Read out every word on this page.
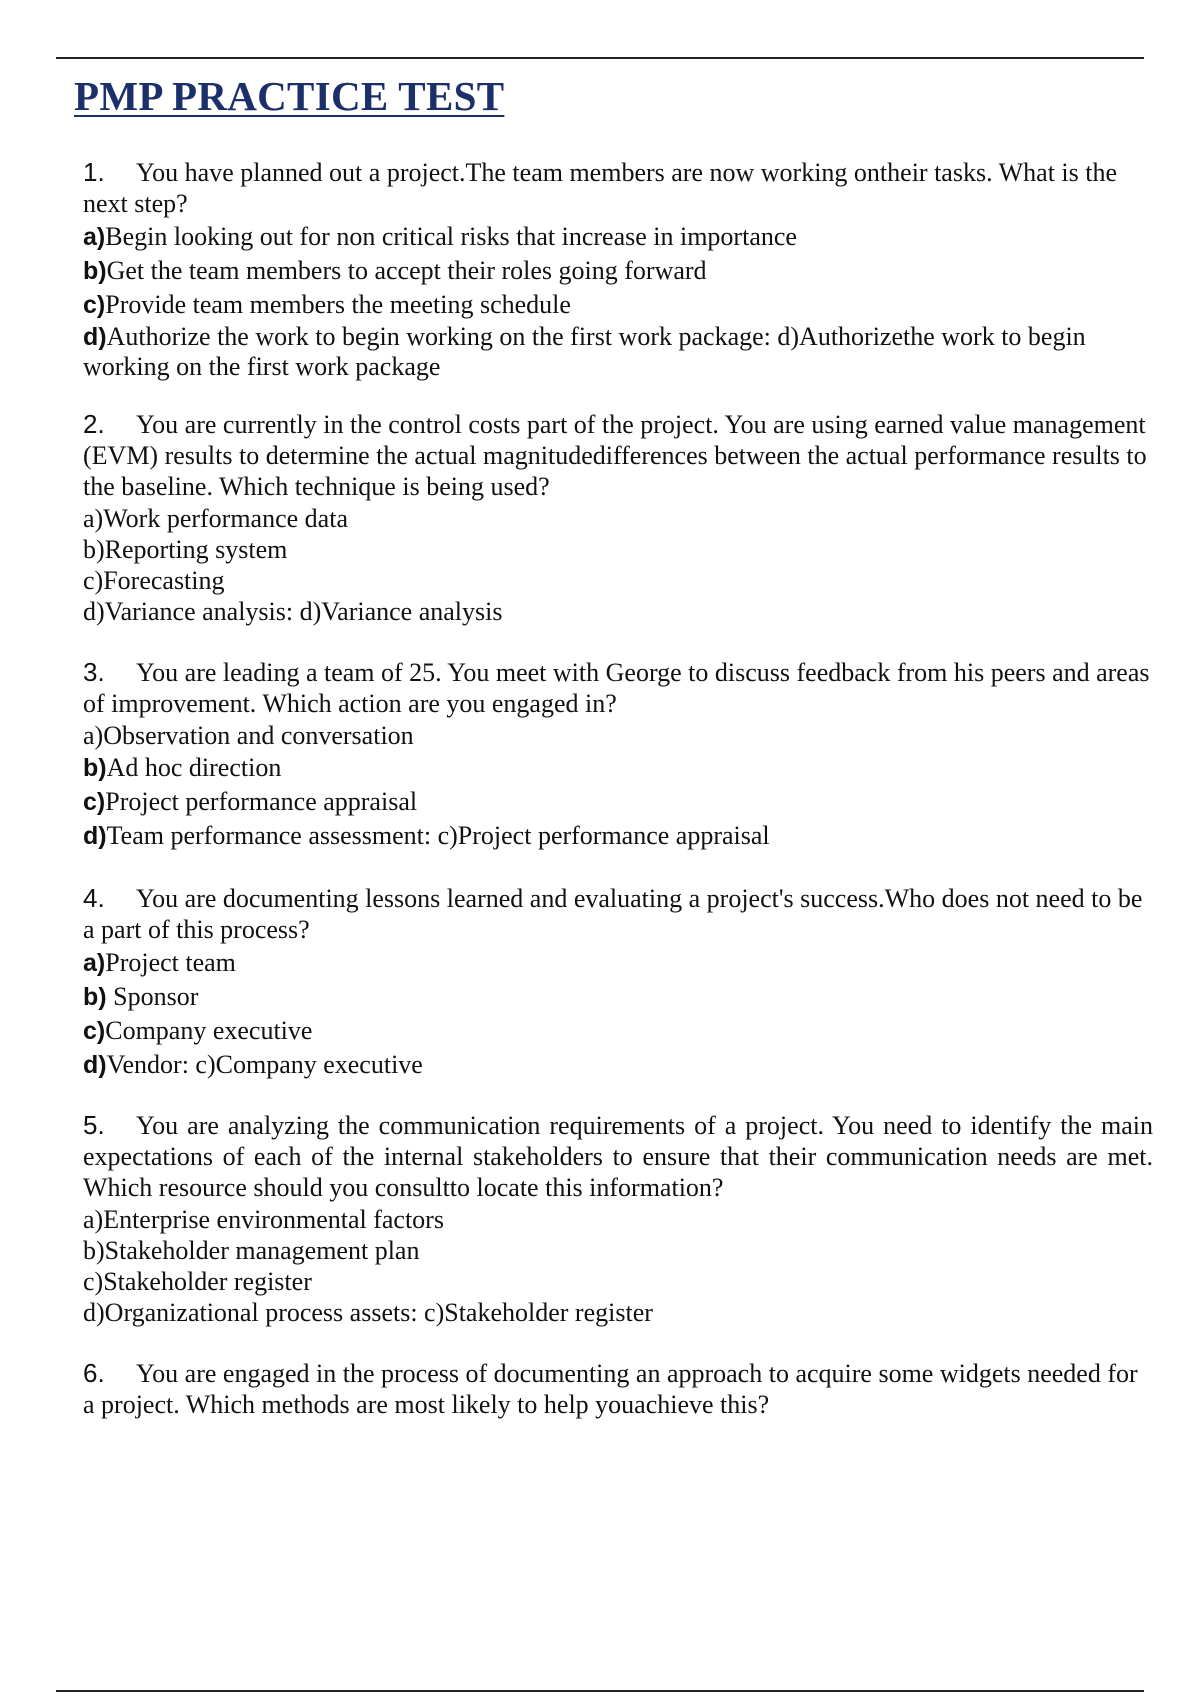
PMP PRACTICE TEST

1. You have planned out a project.The team members are now working ontheir tasks. What is the next step?

a)Begin looking out for non critical risks that increase in importance

b)Get the team members to accept their roles going forward

c)Provide team members the meeting schedule

d)Authorize the work to begin working on the first work package: d)Authorizethe work to begin working on the first work package

2. You are currently in the control costs part of the project. You are using earned value management (EVM) results to determine the actual magnitudedifferences between the actual performance results to the baseline. Which technique is being used?

a)Work performance data

b)Reporting system

c)Forecasting

d)Variance analysis: d)Variance analysis

3. You are leading a team of 25. You meet with George to discuss feedback from his peers and areas of improvement. Which action are you engaged in?

a)Observation and conversation

b)Ad hoc direction

c)Project performance appraisal

d)Team performance assessment: c)Project performance appraisal

4. You are documenting lessons learned and evaluating a project's success.Who does not need to be a part of this process?

a)Project team

b) Sponsor

c)Company executive

d)Vendor: c)Company executive

5. You are analyzing the communication requirements of a project. You need to identify the main expectations of each of the internal stakeholders to ensure that their communication needs are met. Which resource should you consultto locate this information?

a)Enterprise environmental factors

b)Stakeholder management plan

c)Stakeholder register

d)Organizational process assets: c)Stakeholder register

6. You are engaged in the process of documenting an approach to acquire some widgets needed for a project. Which methods are most likely to help youachieve this?
